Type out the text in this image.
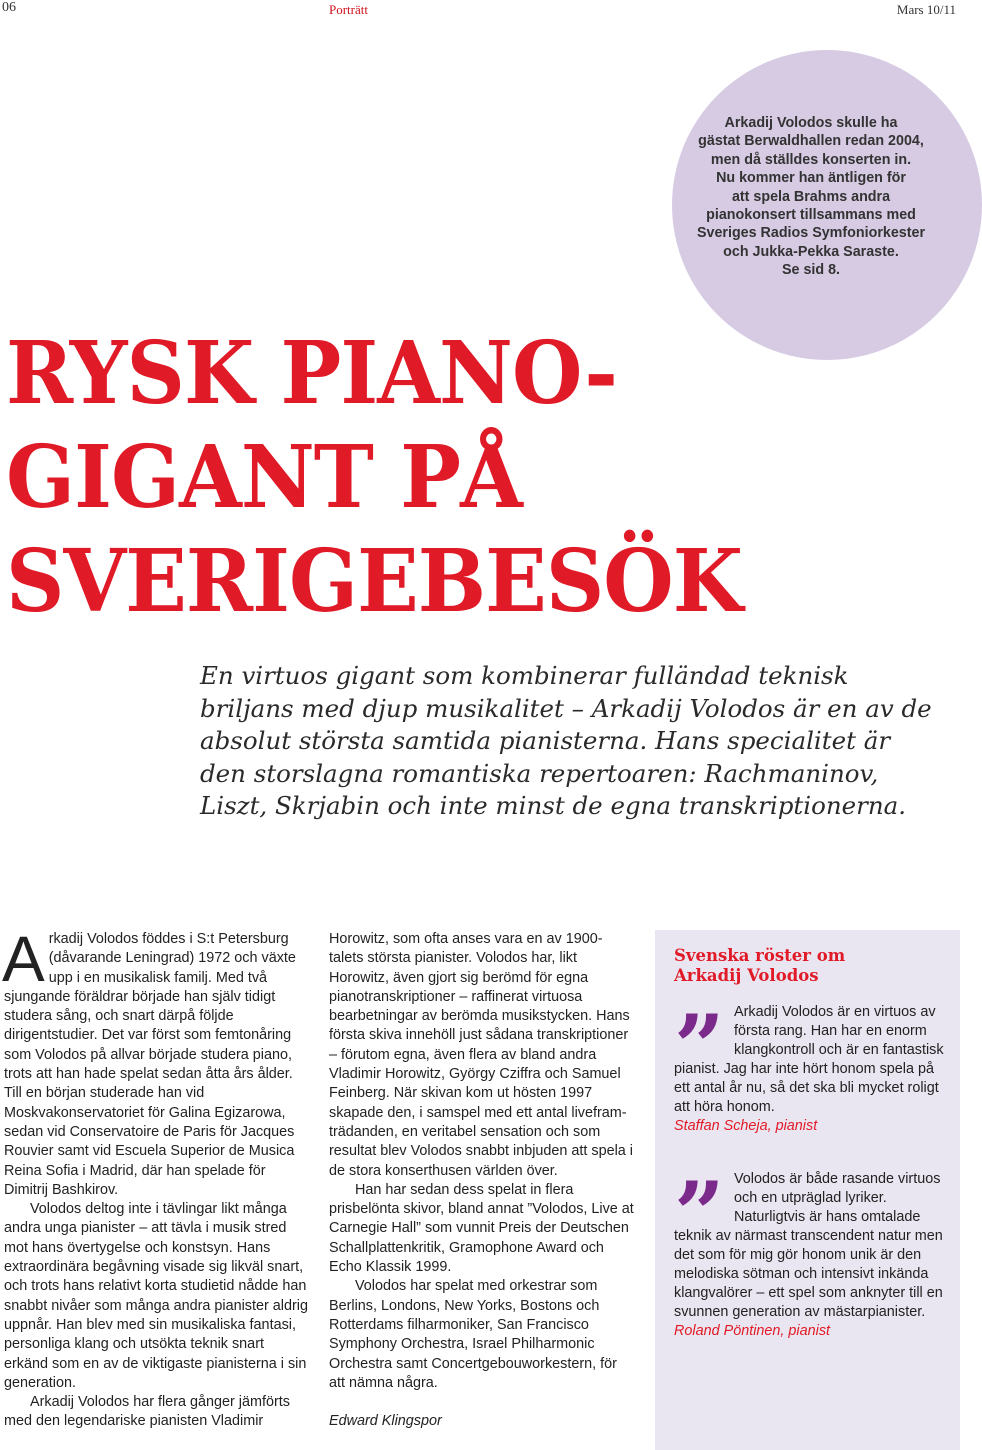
06	Porträtt	Mars 10/11
Arkadij Volodos skulle ha
gästat Berwaldhallen redan 2004,
men då ställdes konserten in.
Nu kommer han äntligen för
att spela Brahms andra
pianokonsert tillsammans med
Sveriges Radios Symfoniorkester
och Jukka-Pekka Saraste.
Se sid 8.
RYSK PIANO-
GIGANT PÅ
SVERIGEBESÖK

En virtuos gigant som kombinerar fulländad teknisk briljans med djup musikalitet – Arkadij Volodos är en av de absolut största samtida pianisterna. Hans specialitet är den storslagna romantiska repertoaren: Rachmaninov, Liszt, Skrjabin och inte minst de egna transkriptionerna.

Arkadij Volodos föddes i S:t Petersburg (dåvarande Leningrad) 1972 och växte upp i en musikalisk familj. Med två sjungande föräldrar började han själv tidigt studera sång, och snart därpå följde dirigentstudier. Det var först som femtonåring som Volodos på allvar började studera piano, trots att han hade spelat sedan åtta års ålder. Till en början studerade han vid Moskvakonservatoriet för Galina Egizarowa, sedan vid Conservatoire de Paris för Jacques Rouvier samt vid Escuela Superior de Musica Reina Sofia i Madrid, där han spelade för Dimitrij Bashkirov.

Volodos deltog inte i tävlingar likt många andra unga pianister – att tävla i musik stred mot hans övertygelse och konstsyn. Hans extraordinära begåvning visade sig likväl snart, och trots hans relativt korta studietid nådde han snabbt nivåer som många andra pianister aldrig uppnår. Han blev med sin musikaliska fantasi, personliga klang och utsökta teknik snart erkänd som en av de viktigaste pianisterna i sin generation.

Arkadij Volodos har flera gånger jämförts med den legendariske pianisten Vladimir

Horowitz, som ofta anses vara en av 1900-talets största pianister. Volodos har, likt Horowitz, även gjort sig berömd för egna pianotranskriptioner – raffinerat virtuosa bearbetningar av berömda musikstycken. Hans första skiva innehöll just sådana transkriptioner – förutom egna, även flera av bland andra Vladimir Horowitz, György Cziffra och Samuel Feinberg. När skivan kom ut hösten 1997 skapade den, i samspel med ett antal liveframträdanden, en veritabel sensation och som resultat blev Volodos snabbt inbjuden att spela i de stora konserthusen världen över.

Han har sedan dess spelat in flera prisbelönta skivor, bland annat ”Volodos, Live at Carnegie Hall” som vunnit Preis der Deutschen Schallplattenkritik, Gramophone Award och Echo Klassik 1999.

Volodos har spelat med orkestrar som Berlins, Londons, New Yorks, Bostons och Rotterdams filharmoniker, San Francisco Symphony Orchestra, Israel Philharmonic Orchestra samt Concertgebouworkestern, för att nämna några.

Edward Klingspor

Svenska röster om
Arkadij Volodos
” Arkadij Volodos är en virtuos av första rang. Han har en enorm klangkontroll och är en fantastisk pianist. Jag har inte hört honom spela på ett antal år nu, så det ska bli mycket roligt att höra honom.
Staffan Scheja, pianist

” Volodos är både rasande virtuos och en utpräglad lyriker. Naturligtvis är hans omtalade teknik av närmast transcendent natur men det som för mig gör honom unik är den melodiska sötman och intensivt inkända klangvalörer – ett spel som anknyter till en svunnen generation av mästarpianister.
Roland Pöntinen, pianist
